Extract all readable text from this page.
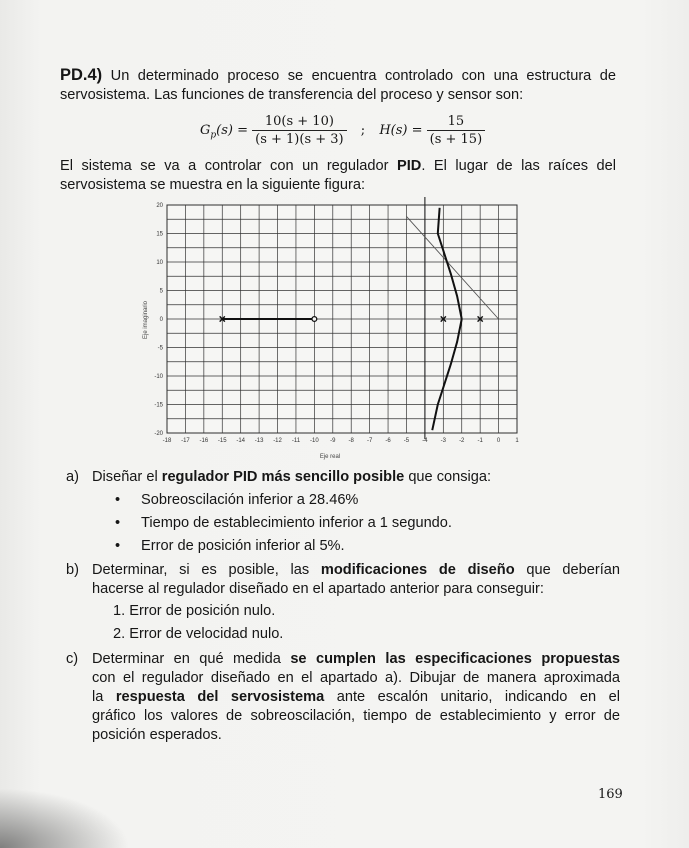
PD.4) Un determinado proceso se encuentra controlado con una estructura de
servosistema. Las funciones de transferencia del proceso y sensor son:
$G_p(s) = \frac{10(s + 10)}{(s + 1)(s + 3)}$ ; $H(s) = \frac{15}{(s + 15)}$
El sistema se va a controlar con un regulador PID. El lugar de las raíces del
servosistema se muestra en la siguiente figura:
20
15
10
5
0
-5
-10
-15
-20
-18 -17 -16 -15 -14 -13 -12 -11 -10 -9 -8 -7 -6 -5 -4 -3 -2 -1 0	1
Eje real
Eje imaginario
a) Diseñar el regulador PID más sencillo posible que consiga:
• Sobreoscilación inferior a 28.46%
• Tiempo de establecimiento inferior a 1 segundo.
• Error de posición inferior al 5%.
b) Determinar, si es posible, las modificaciones de diseño que deberían
hacerse al regulador diseñado en el apartado anterior para conseguir:
1. Error de posición nulo.
2. Error de velocidad nulo.
c) Determinar en qué medida se cumplen las especificaciones propuestas
con el regulador diseñado en el apartado a). Dibujar de manera aproximada
la respuesta del servosistema ante escalón unitario, indicando en el
gráfico los valores de sobreoscilación, tiempo de establecimiento y error de
posición esperados.
169
